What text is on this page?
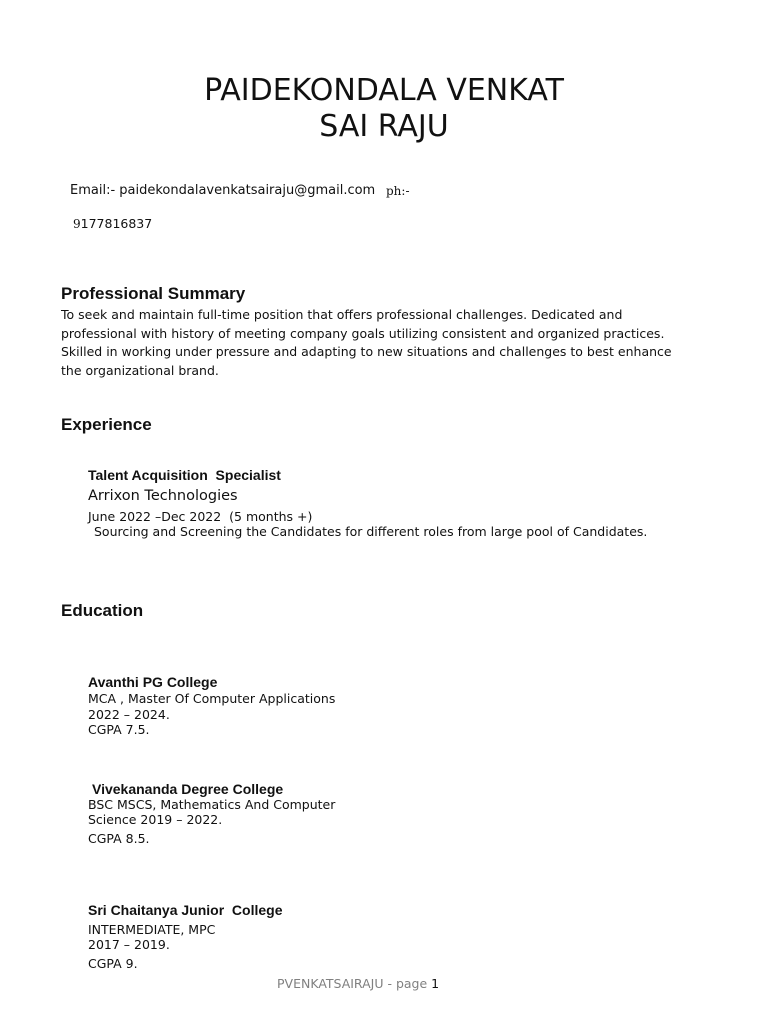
PAIDEKONDALA VENKAT
SAI RAJU
Email:- paidekondalavenkatsairaju@gmail.com ph:-
9177816837
Professional Summary
To seek and maintain full-time position that offers professional challenges. Dedicated and
professional with history of meeting company goals utilizing consistent and organized practices.
Skilled in working under pressure and adapting to new situations and challenges to best enhance
the organizational brand.
Experience
Talent Acquisition  Specialist
Arrixon Technologies
June 2022 –Dec 2022  (5 months +)
Sourcing and Screening the Candidates for different roles from large pool of Candidates.
Education
Avanthi PG College
MCA , Master Of Computer Applications
2022 – 2024.
CGPA 7.5.
Vivekananda Degree College
BSC MSCS, Mathematics And Computer
Science 2019 – 2022.
CGPA 8.5.
Sri Chaitanya Junior  College
INTERMEDIATE, MPC
2017 – 2019.
CGPA 9.
PVENKATSAIRAJU - page 1
